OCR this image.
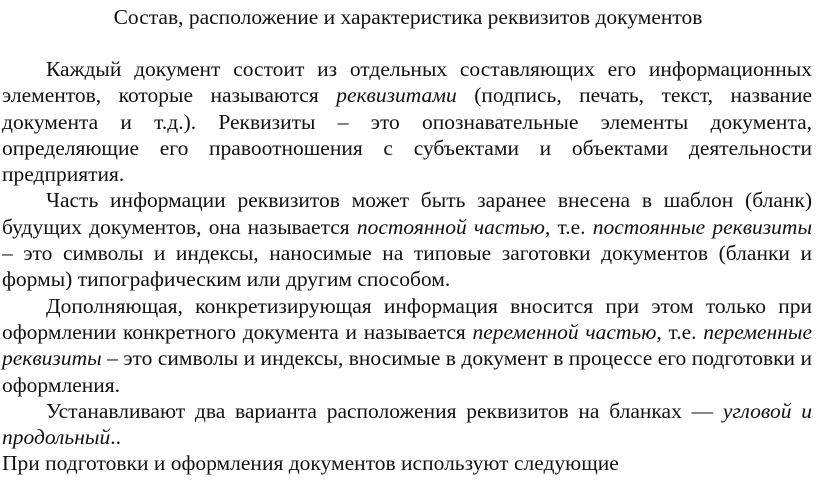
Состав, расположение и характеристика реквизитов документов

Каждый документ состоит из отдельных составляющих его информационных элементов, которые называются реквизитами (подпись, печать, текст, название документа и т.д.). Реквизиты – это опознавательные элементы документа, определяющие его правоотношения с субъектами и объектами деятельности предприятия.

Часть информации реквизитов может быть заранее внесена в шаблон (бланк) будущих документов, она называется постоянной частью, т.е. постоянные реквизиты – это символы и индексы, наносимые на типовые заготовки документов (бланки и формы) типографическим или другим способом.

Дополняющая, конкретизирующая информация вносится при этом только при оформлении конкретного документа и называется переменной частью, т.е. переменные реквизиты – это символы и индексы, вносимые в документ в процессе его подготовки и оформления.

Устанавливают два варианта расположения реквизитов на бланках — угловой и продольный..

При подготовки и оформления документов используют следующие
